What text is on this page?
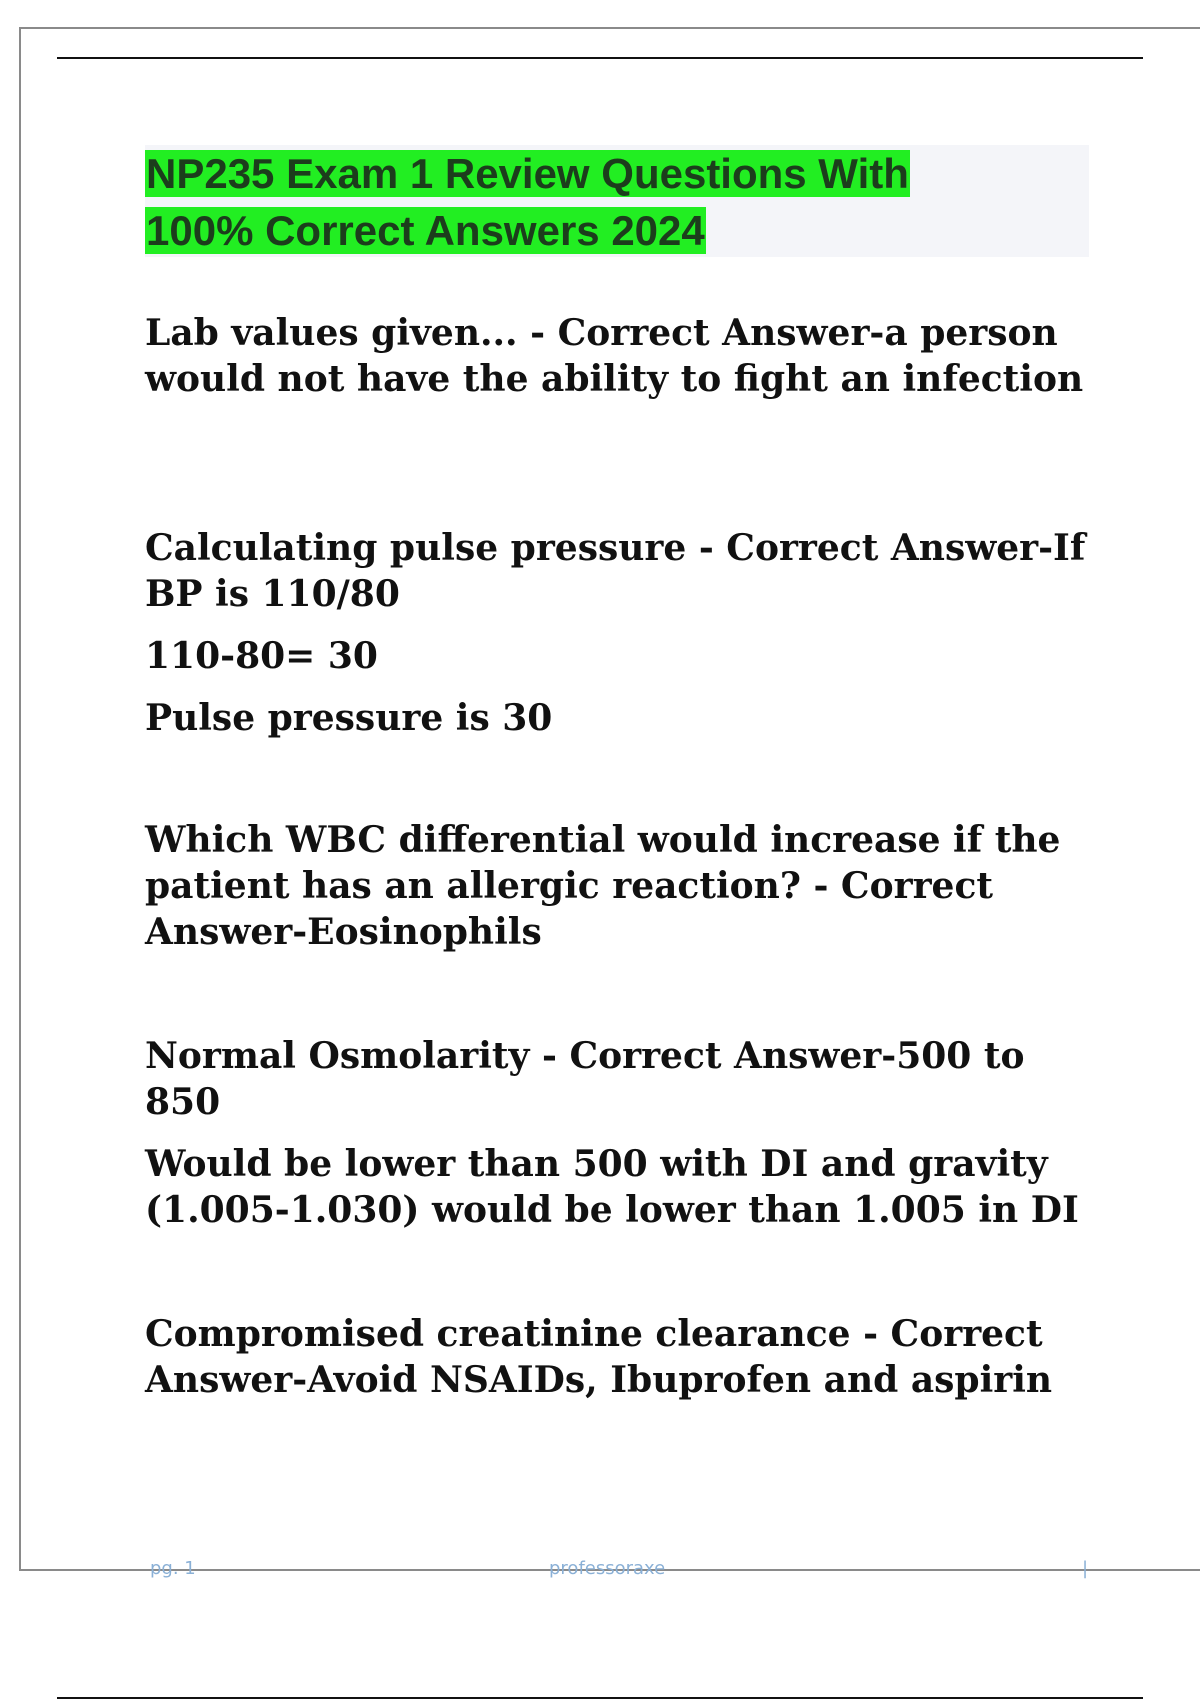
NP235 Exam 1 Review Questions With
100% Correct Answers 2024

Lab values given... - Correct Answer-a person would not have the ability to fight an infection

Calculating pulse pressure - Correct Answer-If BP is 110/80

110-80= 30

Pulse pressure is 30

Which WBC differential would increase if the patient has an allergic reaction? - Correct Answer-Eosinophils

Normal Osmolarity - Correct Answer-500 to 850

Would be lower than 500 with DI and gravity (1.005-1.030) would be lower than 1.005 in DI

Compromised creatinine clearance - Correct Answer-Avoid NSAIDs, Ibuprofen and aspirin

pg. 1	professoraxe	|
